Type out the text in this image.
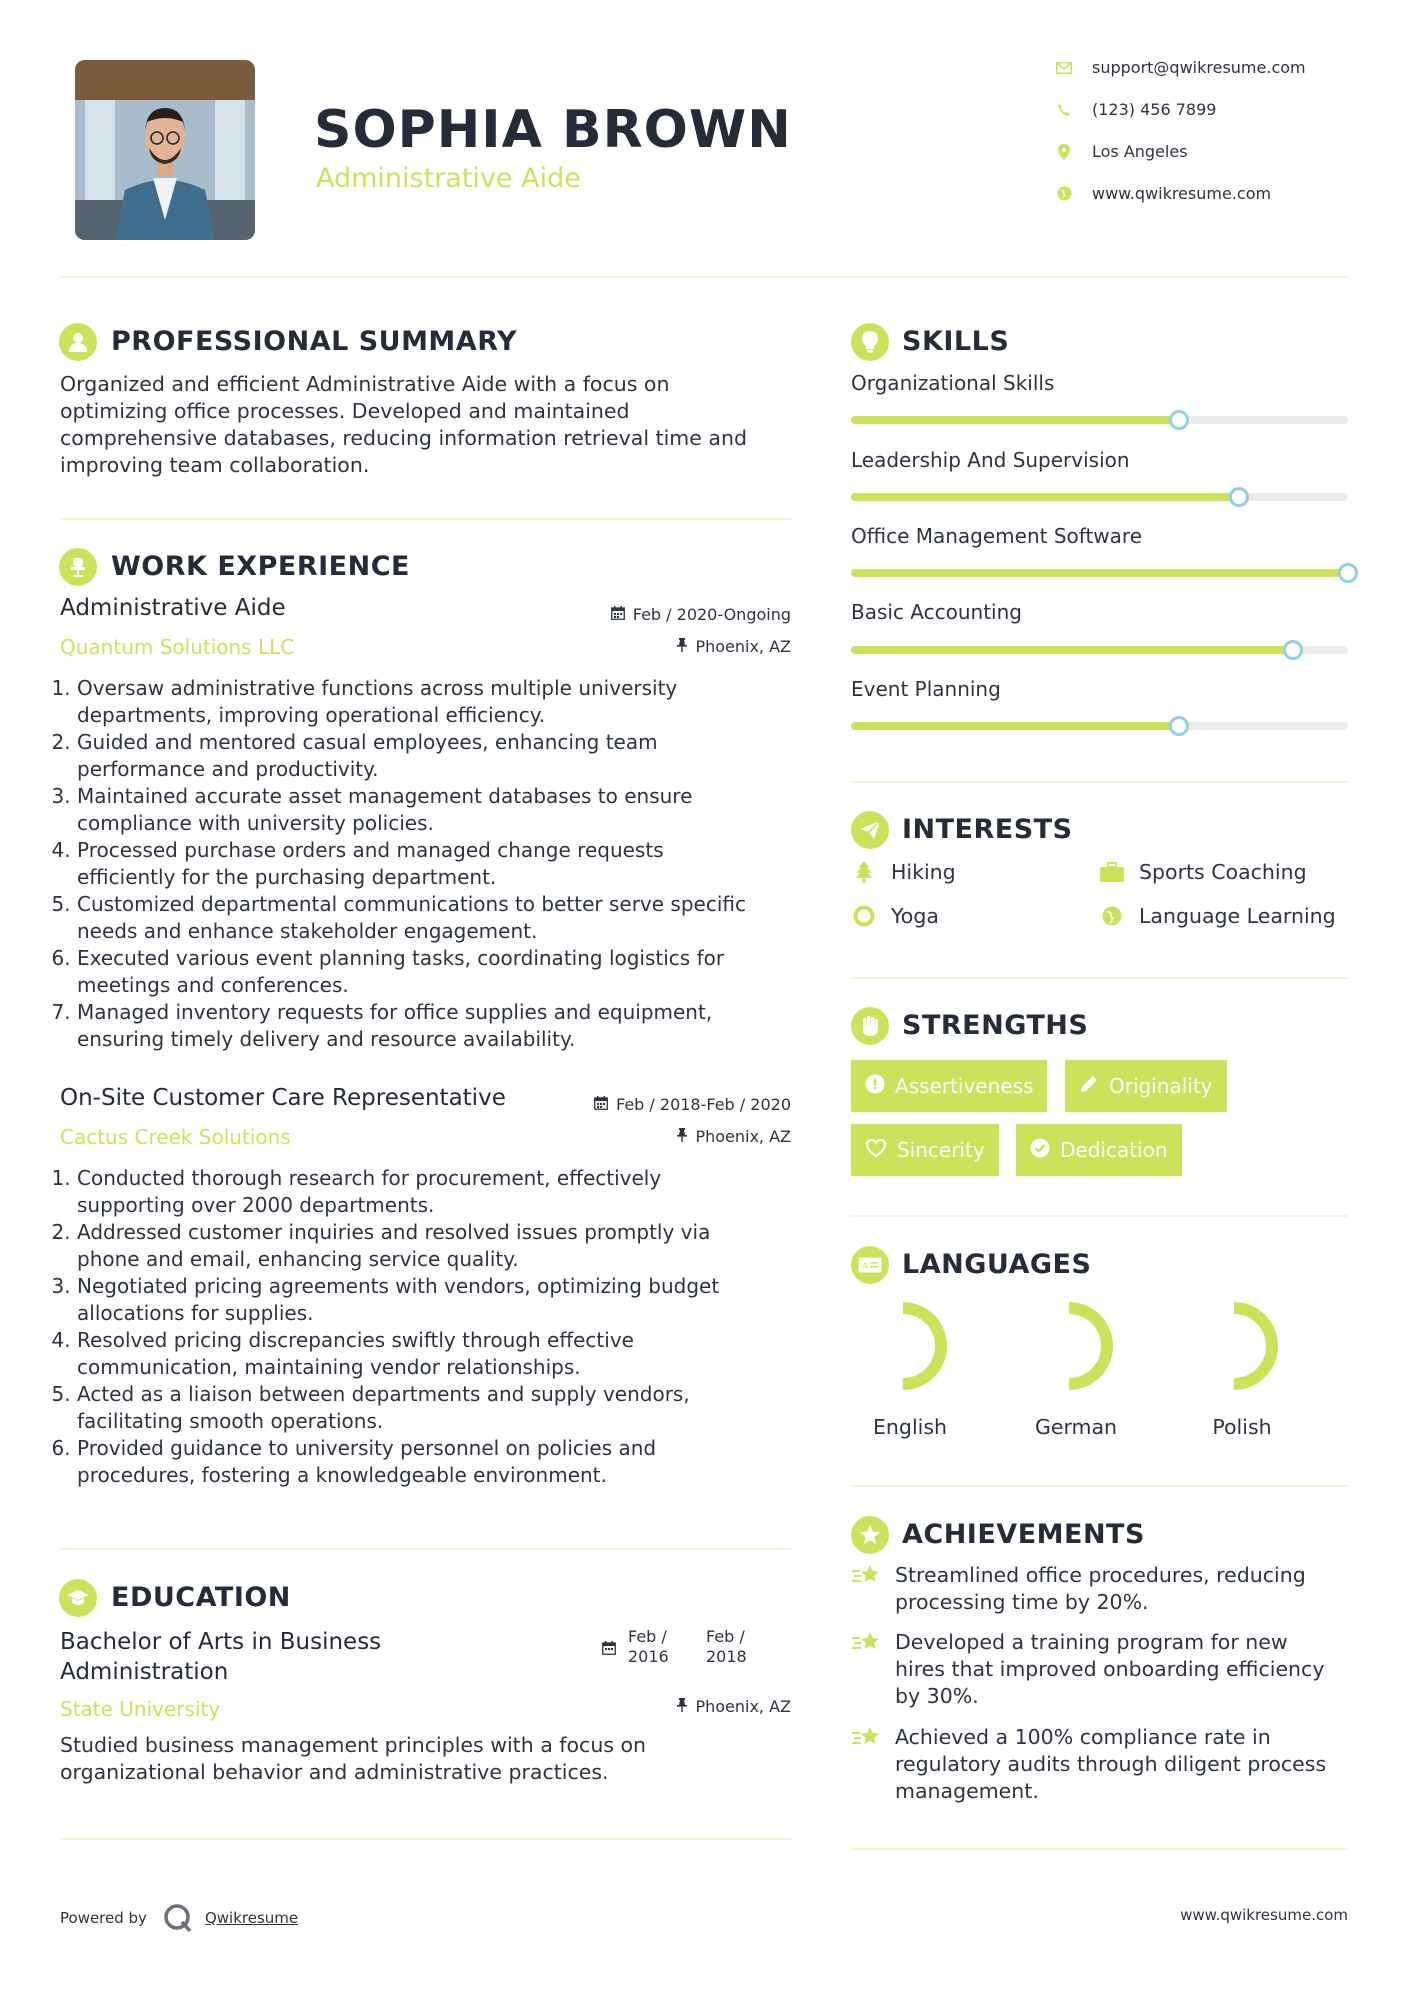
SOPHIA BROWN
Administrative Aide
support@qwikresume.com
(123) 456 7899
Los Angeles
www.qwikresume.com
PROFESSIONAL SUMMARY
Organized and efficient Administrative Aide with a focus on
optimizing office processes. Developed and maintained
comprehensive databases, reducing information retrieval time and
improving team collaboration.
WORK EXPERIENCE
Administrative Aide	Feb / 2020-Ongoing
Quantum Solutions LLC	Phoenix, AZ
1. Oversaw administrative functions across multiple university
departments, improving operational efficiency.
2. Guided and mentored casual employees, enhancing team
performance and productivity.
3. Maintained accurate asset management databases to ensure
compliance with university policies.
4. Processed purchase orders and managed change requests
efficiently for the purchasing department.
5. Customized departmental communications to better serve specific
needs and enhance stakeholder engagement.
6. Executed various event planning tasks, coordinating logistics for
meetings and conferences.
7. Managed inventory requests for office supplies and equipment,
ensuring timely delivery and resource availability.
On-Site Customer Care Representative	Feb / 2018-Feb / 2020
Cactus Creek Solutions	Phoenix, AZ
1. Conducted thorough research for procurement, effectively
supporting over 2000 departments.
2. Addressed customer inquiries and resolved issues promptly via
phone and email, enhancing service quality.
3. Negotiated pricing agreements with vendors, optimizing budget
allocations for supplies.
4. Resolved pricing discrepancies swiftly through effective
communication, maintaining vendor relationships.
5. Acted as a liaison between departments and supply vendors,
facilitating smooth operations.
6. Provided guidance to university personnel on policies and
procedures, fostering a knowledgeable environment.
EDUCATION
Bachelor of Arts in Business
Administration
Feb /
2016
Feb /
2018
State University	Phoenix, AZ
Studied business management principles with a focus on
organizational behavior and administrative practices.
SKILLS
Organizational Skills
Leadership And Supervision
Office Management Software
Basic Accounting
Event Planning
INTERESTS
Hiking	Sports Coaching
Yoga	Language Learning
STRENGTHS
Assertiveness	Originality
Sincerity	Dedication
A LANGUAGES
English	German	Polish
ACHIEVEMENTS
Streamlined office procedures, reducing
processing time by 20%.
Developed a training program for new
hires that improved onboarding efficiency
by 30%.
Achieved a 100% compliance rate in
regulatory audits through diligent process
management.
Powered by	Qwikresume	www.qwikresume.com
